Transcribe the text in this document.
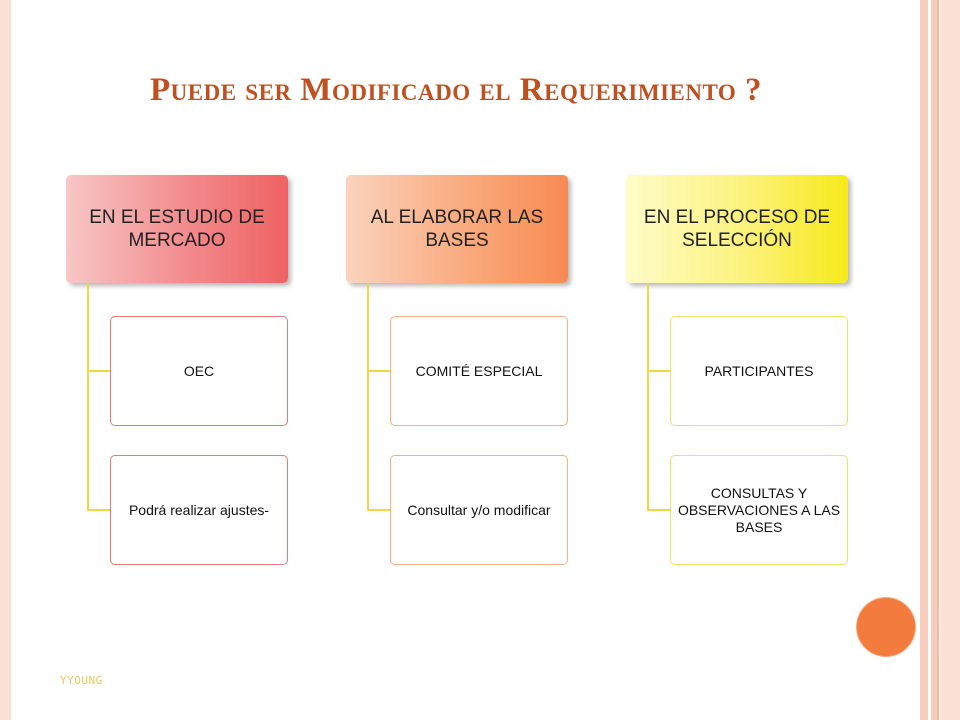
Puede ser Modificado el Requerimiento ?
EN EL ESTUDIO DE MERCADO
OEC
Podrá realizar ajustes-
AL ELABORAR LAS BASES
COMITÉ ESPECIAL
Consultar y/o modificar
EN EL PROCESO DE SELECCIÓN
PARTICIPANTES
CONSULTAS Y OBSERVACIONES A LAS BASES
YYOUNG
